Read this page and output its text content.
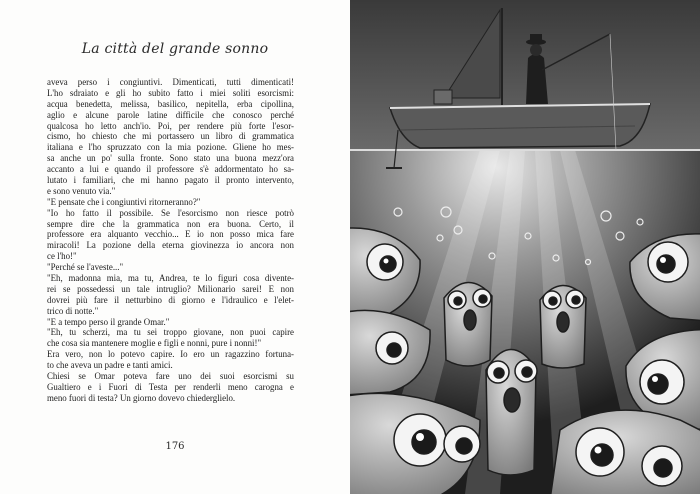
La città del grande sonno
aveva perso i congiuntivi. Dimenticati, tutti dimenticati!
L'ho sdraiato e gli ho subito fatto i miei soliti esorcismi:
acqua benedetta, melissa, basilico, nepitella, erba cipollina,
aglio e alcune parole latine difficile che conosco perché
qualcosa ho letto anch'io. Poi, per rendere più forte l'esor-
cismo, ho chiesto che mi portassero un libro di grammatica
italiana e l'ho spruzzato con la mia pozione. Gliene ho mes-
sa anche un po' sulla fronte. Sono stato una buona mezz'ora
accanto a lui e quando il professore s'è addormentato ho sa-
lutato i familiari, che mi hanno pagato il pronto intervento,
e sono venuto via."
"E pensate che i congiuntivi ritorneranno?"
"Io ho fatto il possibile. Se l'esorcismo non riesce potrò
sempre dire che la grammatica non era buona. Certo, il
professore era alquanto vecchio... E io non posso mica fare
miracoli! La pozione della eterna giovinezza io ancora non
ce l'ho!"
"Perché se l'aveste..."
"Eh, madonna mia, ma tu, Andrea, te lo figuri cosa divente-
rei se possedessi un tale intruglio? Milionario sarei! E non
dovrei più fare il netturbino di giorno e l'idraulico e l'elet-
trico di notte."
"E a tempo perso il grande Omar."
"Eh, tu scherzi, ma tu sei troppo giovane, non puoi capire
che cosa sia mantenere moglie e figli e nonni, pure i nonni!"
Era vero, non lo potevo capire. Io ero un ragazzino fortuna-
to che aveva un padre e tanti amici.
Chiesi se Omar poteva fare uno dei suoi esorcismi su
Gualtiero e i Fuori di Testa per renderli meno carogna e
meno fuori di testa? Un giorno dovevo chiederglielo.
176
